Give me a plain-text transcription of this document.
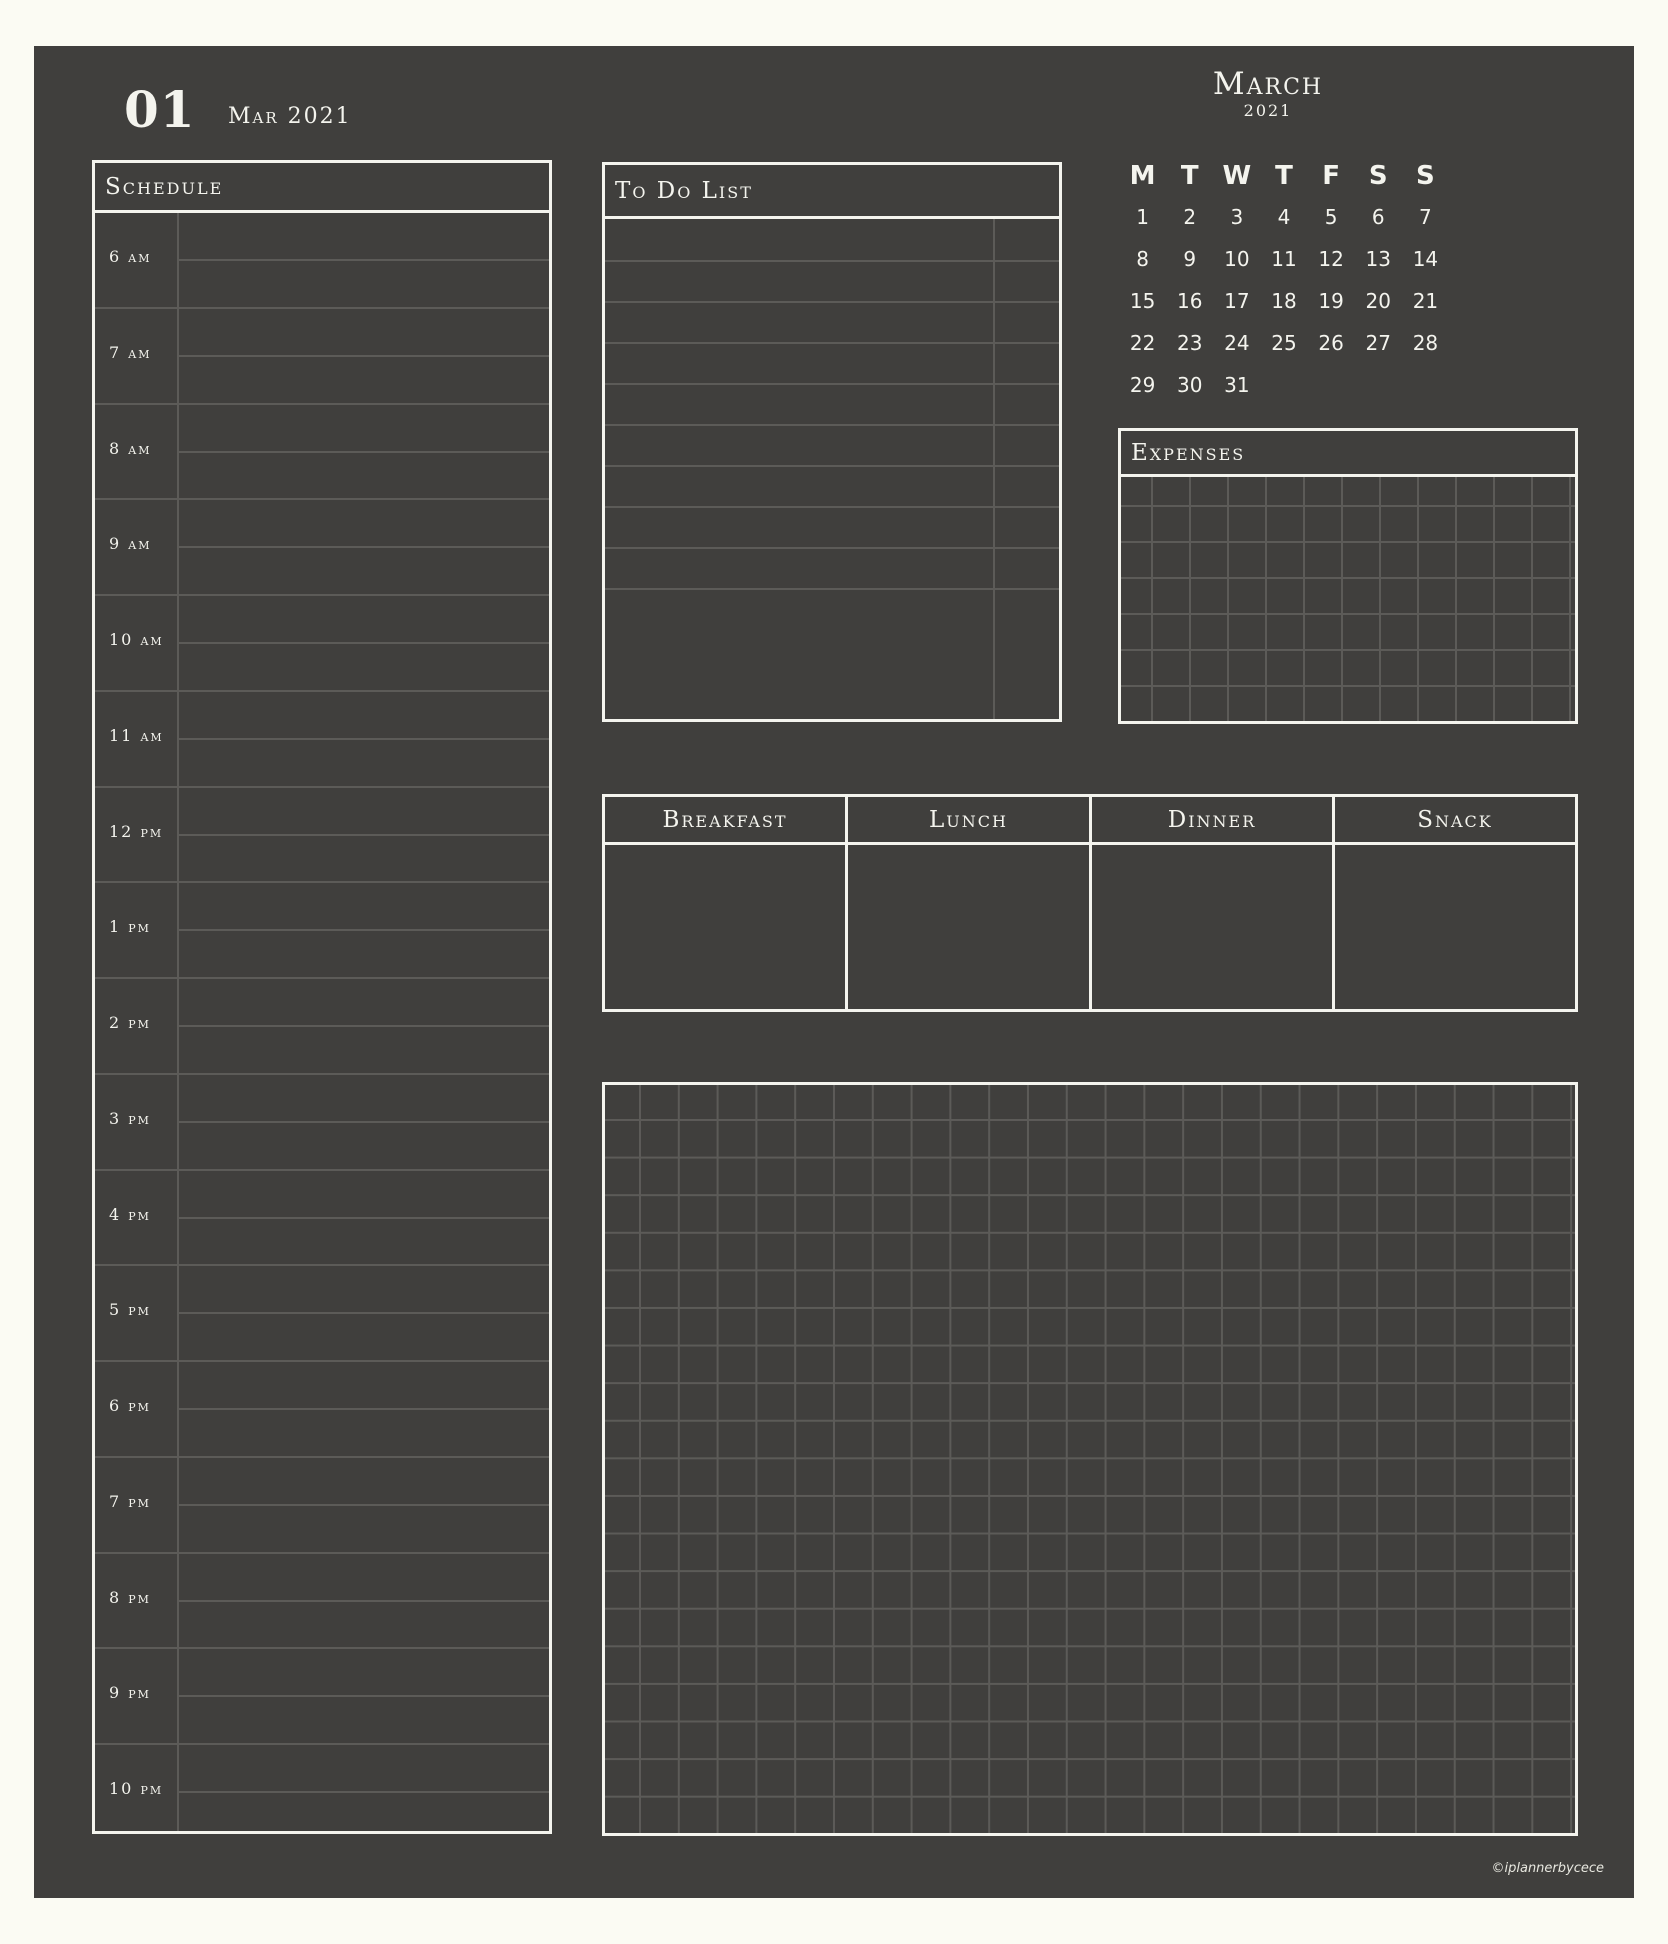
01 Mar 2021
Schedule
6 am
7 am
8 am
9 am
10 am
11 am
12 pm
1 pm
2 pm
3 pm
4 pm
5 pm
6 pm
7 pm
8 pm
9 pm
10 pm
To Do List
March
2021
M T W T	F	S	S
1	2	3	4	5	6	7
8	9	10	11	12	13	14
15	16	17	18	19	20	21
22	23	24	25	26	27	28
29	30	31
Expenses
Breakfast	Lunch	Dinner	Snack
©iplannerbycece
